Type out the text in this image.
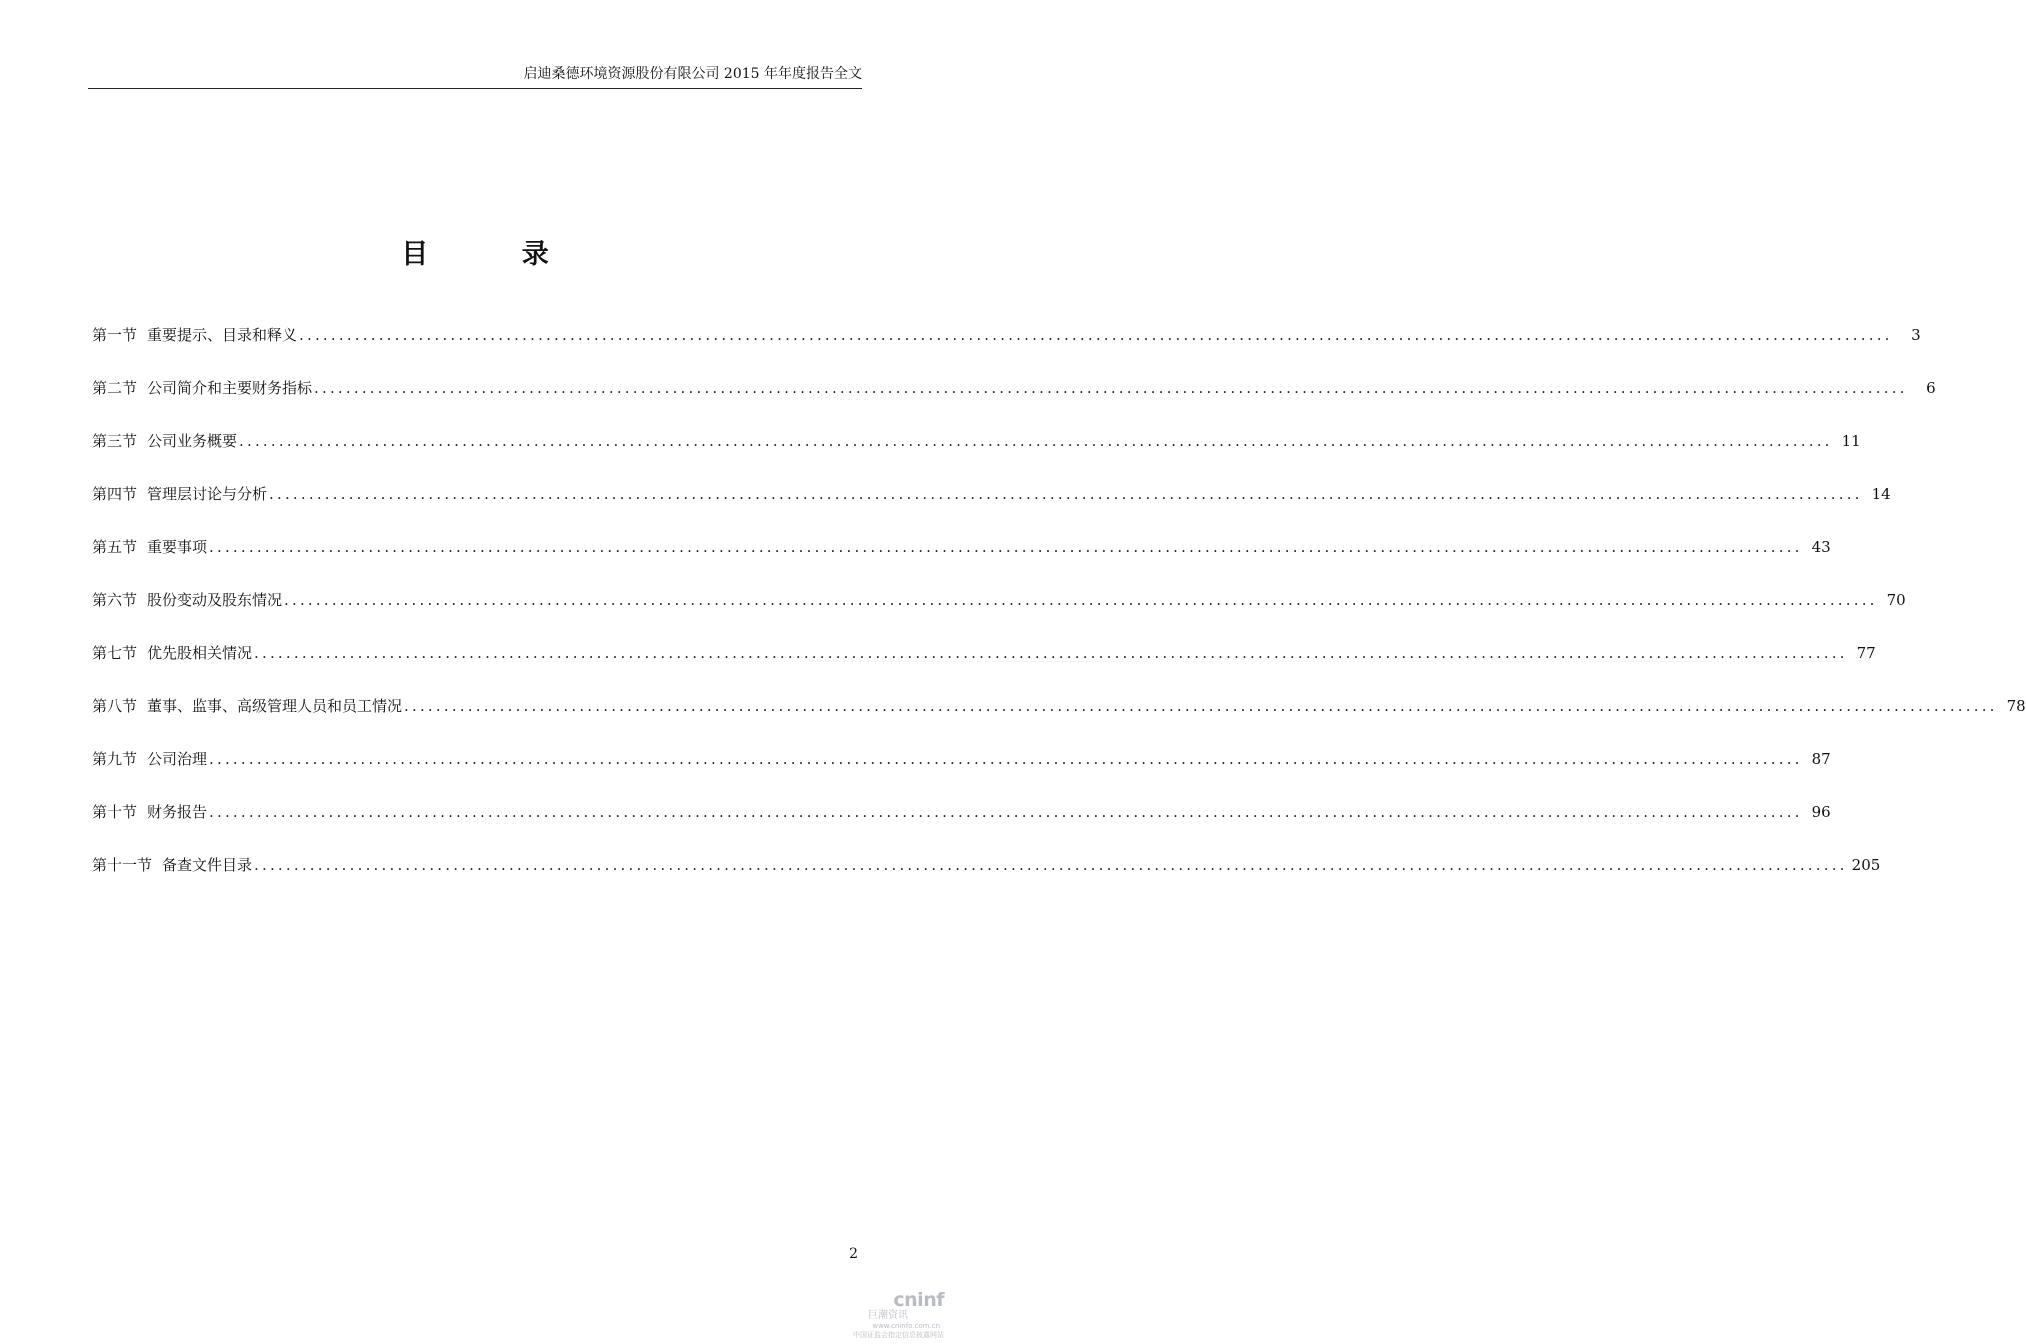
启迪桑德环境资源股份有限公司 2015 年年度报告全文
目 录
第一节 重要提示、目录和释义 ........................................................................................................................................................................................................	3
第二节 公司简介和主要财务指标 ........................................................................................................................................................................................................	6
第三节 公司业务概要 ........................................................................................................................................................................................................ 11
第四节 管理层讨论与分析 ........................................................................................................................................................................................................ 14
第五节 重要事项 ........................................................................................................................................................................................................ 43
第六节 股份变动及股东情况 ........................................................................................................................................................................................................ 70
第七节 优先股相关情况 ........................................................................................................................................................................................................ 77
第八节 董事、监事、高级管理人员和员工情况 ........................................................................................................................................................................................................ 78
第九节 公司治理 ........................................................................................................................................................................................................ 87
第十节 财务报告 ........................................................................................................................................................................................................ 96
第十一节 备查文件目录 ........................................................................................................................................................................................................ 205
2
cninf
巨潮资讯
www.cninfo.com.cn
中国证监会指定信息披露网站
